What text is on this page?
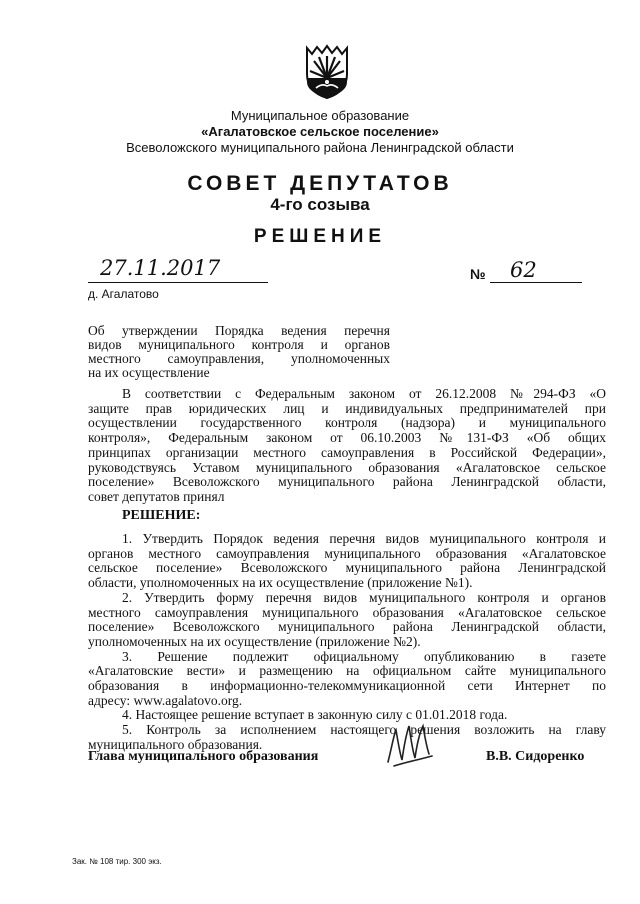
Муниципальное образование
«Агалатовское сельское поселение»
Всеволожского муниципального района Ленинградской области
СОВЕТ ДЕПУТАТОВ
4-го созыва
РЕШЕНИЕ
27.11.2017	№ 62
д. Агалатово
Об утверждении Порядка ведения перечня
видов муниципального контроля и органов
местного самоуправления, уполномоченных
на их осуществление
В соответствии с Федеральным законом от 26.12.2008 №294-ФЗ «О
защите прав юридических лиц и индивидуальных предпринимателей при
осуществлении государственного контроля (надзора) и муниципального
контроля», Федеральным законом от 06.10.2003 №131-ФЗ «Об общих
принципах организации местного самоуправления в Российской Федерации»,
руководствуясь Уставом муниципального образования «Агалатовское сельское
поселение» Всеволожского муниципального района Ленинградской области,
совет депутатов принял
РЕШЕНИЕ:
1. Утвердить Порядок ведения перечня видов муниципального контроля и
органов местного самоуправления муниципального образования «Агалатовское
сельское поселение» Всеволожского муниципального района Ленинградской
области, уполномоченных на их осуществление (приложение №1).
2. Утвердить форму перечня видов муниципального контроля и органов
местного самоуправления муниципального образования «Агалатовское сельское
поселение» Всеволожского муниципального района Ленинградской области,
уполномоченных на их осуществление (приложение №2).
3. Решение подлежит официальному опубликованию в газете
«Агалатовские вести» и размещению на официальном сайте муниципального
образования в информационно-телекоммуникационной сети Интернет по
адресу: www.agalatovo.org.
4. Настоящее решение вступает в законную силу с 01.01.2018 года.
5. Контроль за исполнением настоящего решения возложить на главу
муниципального образования.
Глава муниципального образования	В.В. Сидоренко
Зак. № 108 тир. 300 экз.
